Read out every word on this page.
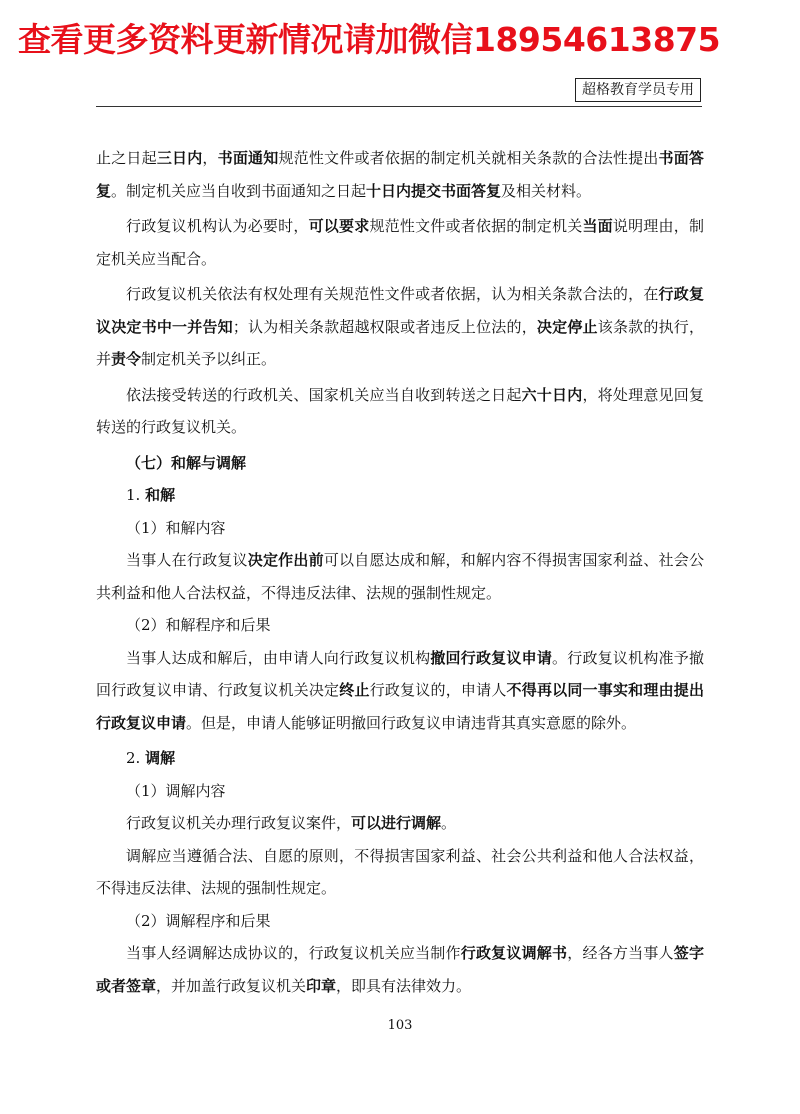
查看更多资料更新情况请加微信18954613875
超格教育学员专用

止之日起三日内，书面通知规范性文件或者依据的制定机关就相关条款的合法性提出书面答复。制定机关应当自收到书面通知之日起十日内提交书面答复及相关材料。

行政复议机构认为必要时，可以要求规范性文件或者依据的制定机关当面说明理由，制定机关应当配合。

行政复议机关依法有权处理有关规范性文件或者依据，认为相关条款合法的，在行政复议决定书中一并告知；认为相关条款超越权限或者违反上位法的，决定停止该条款的执行，并责令制定机关予以纠正。

依法接受转送的行政机关、国家机关应当自收到转送之日起六十日内，将处理意见回复转送的行政复议机关。

（七）和解与调解

1. 和解

（1）和解内容

当事人在行政复议决定作出前可以自愿达成和解，和解内容不得损害国家利益、社会公共利益和他人合法权益，不得违反法律、法规的强制性规定。

（2）和解程序和后果

当事人达成和解后，由申请人向行政复议机构撤回行政复议申请。行政复议机构准予撤回行政复议申请、行政复议机关决定终止行政复议的，申请人不得再以同一事实和理由提出行政复议申请。但是，申请人能够证明撤回行政复议申请违背其真实意愿的除外。

2. 调解

（1）调解内容

行政复议机关办理行政复议案件，可以进行调解。

调解应当遵循合法、自愿的原则，不得损害国家利益、社会公共利益和他人合法权益，不得违反法律、法规的强制性规定。

（2）调解程序和后果

当事人经调解达成协议的，行政复议机关应当制作行政复议调解书，经各方当事人签字或者签章，并加盖行政复议机关印章，即具有法律效力。

103
